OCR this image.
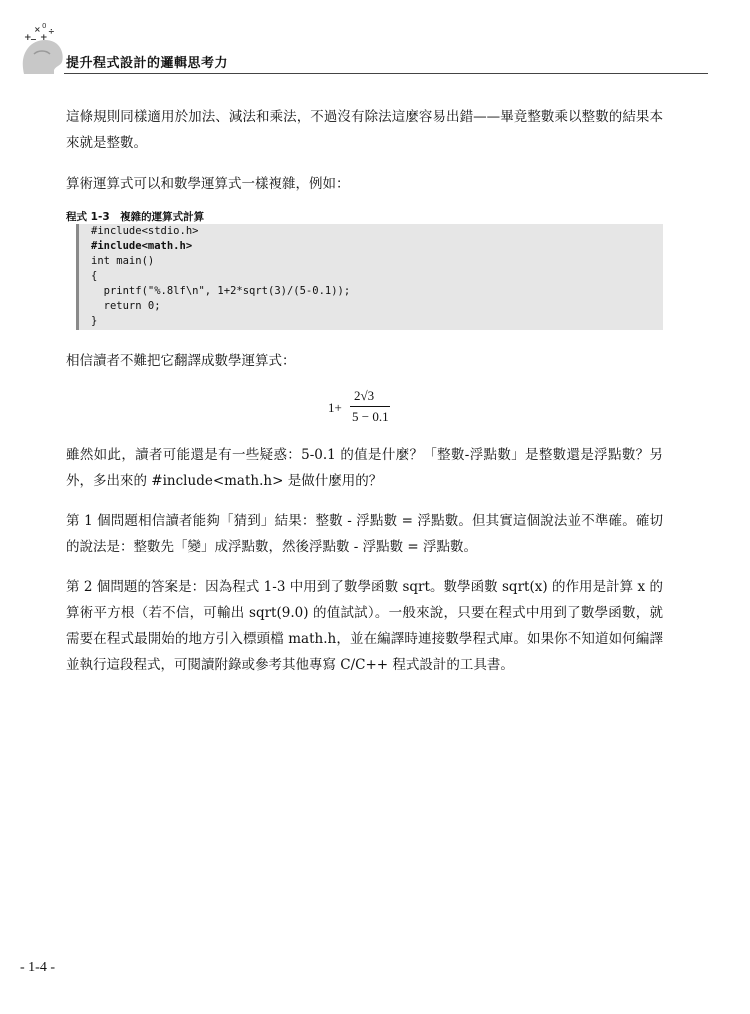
+
× 0
÷
− +
提升程式設計的邏輯思考力

這條規則同樣適用於加法、減法和乘法，不過沒有除法這麼容易出錯——畢竟整數乘以整數的結果本來就是整數。

算術運算式可以和數學運算式一樣複雜，例如：

程式 1-3　複雜的運算式計算
#include<stdio.h>
#include<math.h>
int main()
{
printf("%.8lf\n", 1+2*sqrt(3)/(5-0.1));
return 0;
}

相信讀者不難把它翻譯成數學運算式：

1+
2√3
5 − 0.1

雖然如此，讀者可能還是有一些疑惑：5-0.1 的值是什麼？「整數-浮點數」是整數還是浮點數？另外，多出來的 #include<math.h> 是做什麼用的？

第 1 個問題相信讀者能夠「猜到」結果：整數 - 浮點數 = 浮點數。但其實這個說法並不準確。確切的說法是：整數先「變」成浮點數，然後浮點數 - 浮點數 = 浮點數。

第 2 個問題的答案是：因為程式 1-3 中用到了數學函數 sqrt。數學函數 sqrt(x) 的作用是計算 x 的算術平方根（若不信，可輸出 sqrt(9.0) 的值試試）。一般來說，只要在程式中用到了數學函數，就需要在程式最開始的地方引入標頭檔 math.h，並在編譯時連接數學程式庫。如果你不知道如何編譯並執行這段程式，可閱讀附錄或參考其他專寫 C/C++ 程式設計的工具書。

- 1-4 -
